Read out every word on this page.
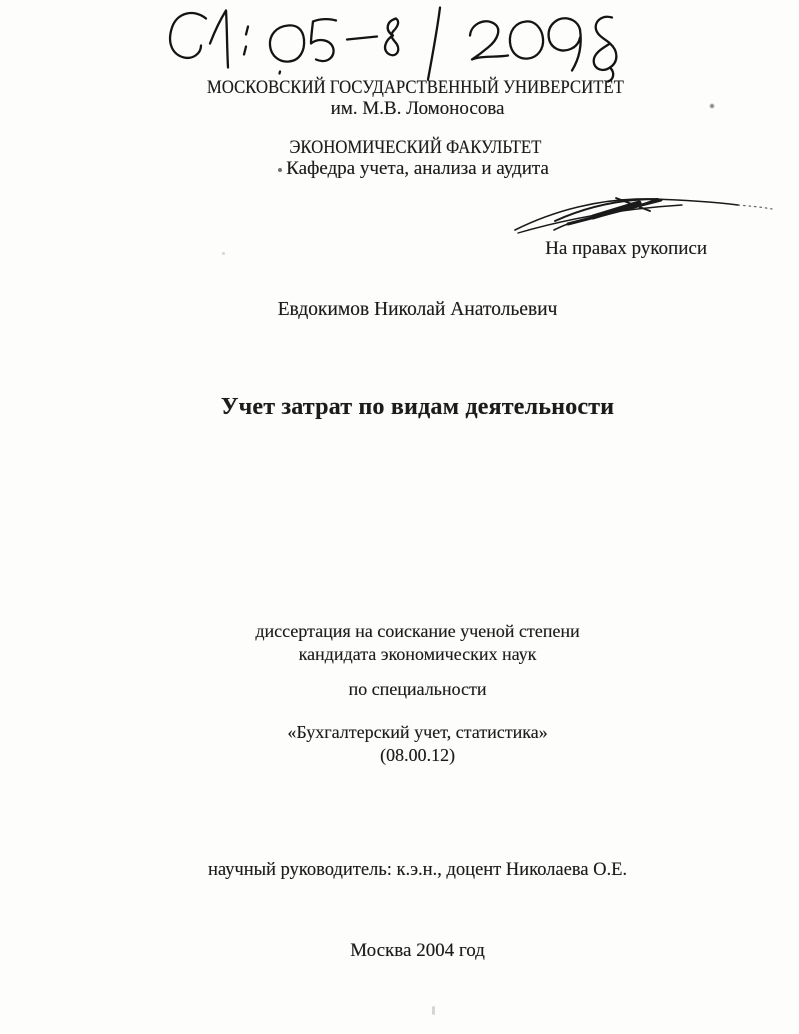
МОСКОВСКИЙ ГОСУДАРСТВЕННЫЙ УНИВЕРСИТЕТ
им. М.В. Ломоносова
ЭКОНОМИЧЕСКИЙ ФАКУЛЬТЕТ
Кафедра учета, анализа и аудита
На правах рукописи
Евдокимов Николай Анатольевич
Учет затрат по видам деятельности
диссертация на соискание ученой степени
кандидата экономических наук
по специальности
«Бухгалтерский учет, статистика»
(08.00.12)
научный руководитель: к.э.н., доцент Николаева О.Е.
Москва 2004 год
